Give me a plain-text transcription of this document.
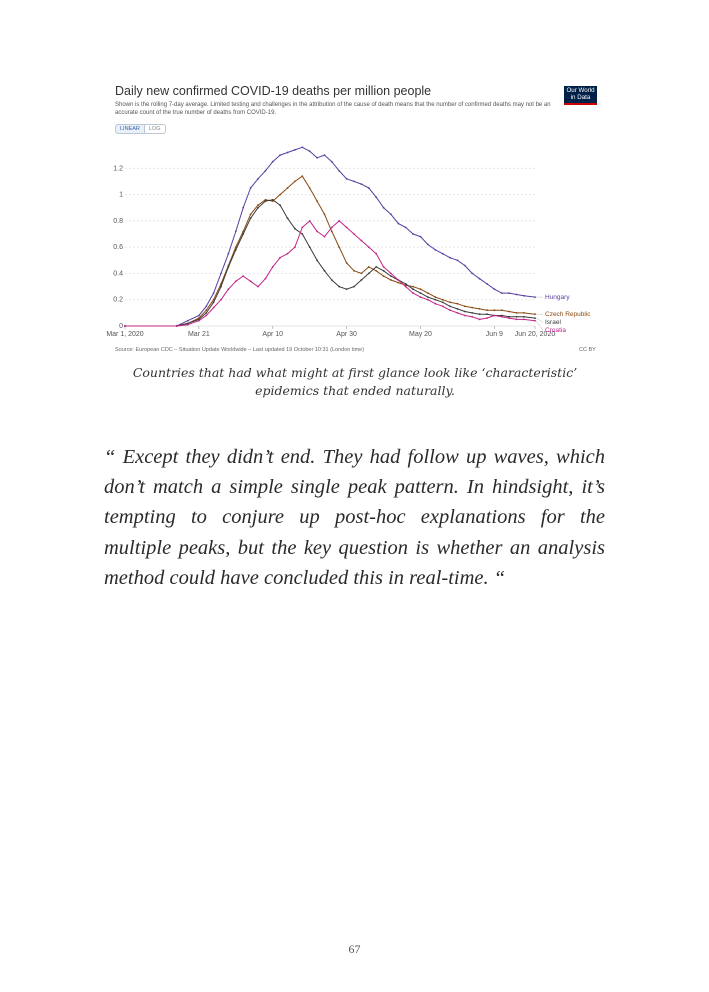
0
0.2
0.4
0.6
0.8
1
1.2
Mar 1, 2020	Mar 21	Apr 10	Apr 30	May 20	Jun 9 Jun 20, 2020
Hungary
Czech Republic
Israel
Croatia
Daily new confirmed COVID-19 deaths per million people
Shown is the rolling 7-day average. Limited testing and challenges in the attribution of the cause of death means that the number of confirmed deaths may not be an accurate count of the true number of deaths from COVID-19.
Our World in Data
LINEAR	LOG
Source: European CDC – Situation Update Worldwide – Last updated 19 October 10:31 (London time)	CC BY
Countries that had what might at first glance look like ‘characteristic’ epidemics that ended naturally.

“ Except they didn’t end. They had follow up waves, which don’t match a simple single peak pattern. In hindsight, it’s tempting to conjure up post-hoc explanations for the multiple peaks, but the key question is whether an analysis method could have concluded this in real-time. “

67
